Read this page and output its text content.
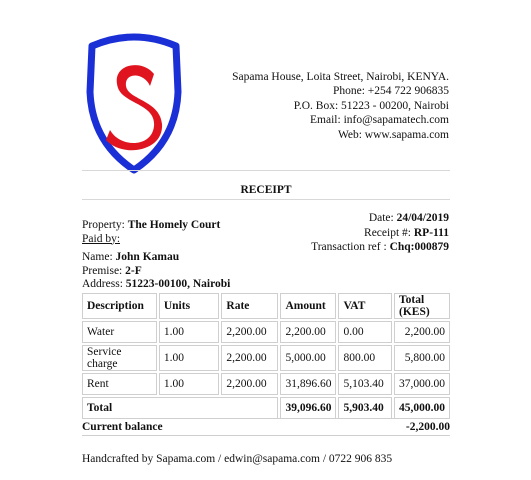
Sapama House, Loita Street, Nairobi, KENYA.
Phone: +254 722 906835
P.O. Box: 51223 - 00200, Nairobi
Email: info@sapamatech.com
Web: www.sapama.com
RECEIPT
Property: The Homely Court
Paid by:
Date: 24/04/2019
Receipt #: RP-111
Transaction ref : Chq:000879
Name: John Kamau
Premise: 2-F
Address: 51223-00100, Nairobi
Description	Units	Rate	Amount	VAT	Total (KES)
Water	1.00	2,200.00	2,200.00	0.00	2,200.00
Service charge	1.00	2,200.00	5,000.00	800.00	5,800.00
Rent	1.00	2,200.00	31,896.60	5,103.40	37,000.00
Total			39,096.60	5,903.40	45,000.00
Current balance	-2,200.00
Handcrafted by Sapama.com / edwin@sapama.com / 0722 906 835
